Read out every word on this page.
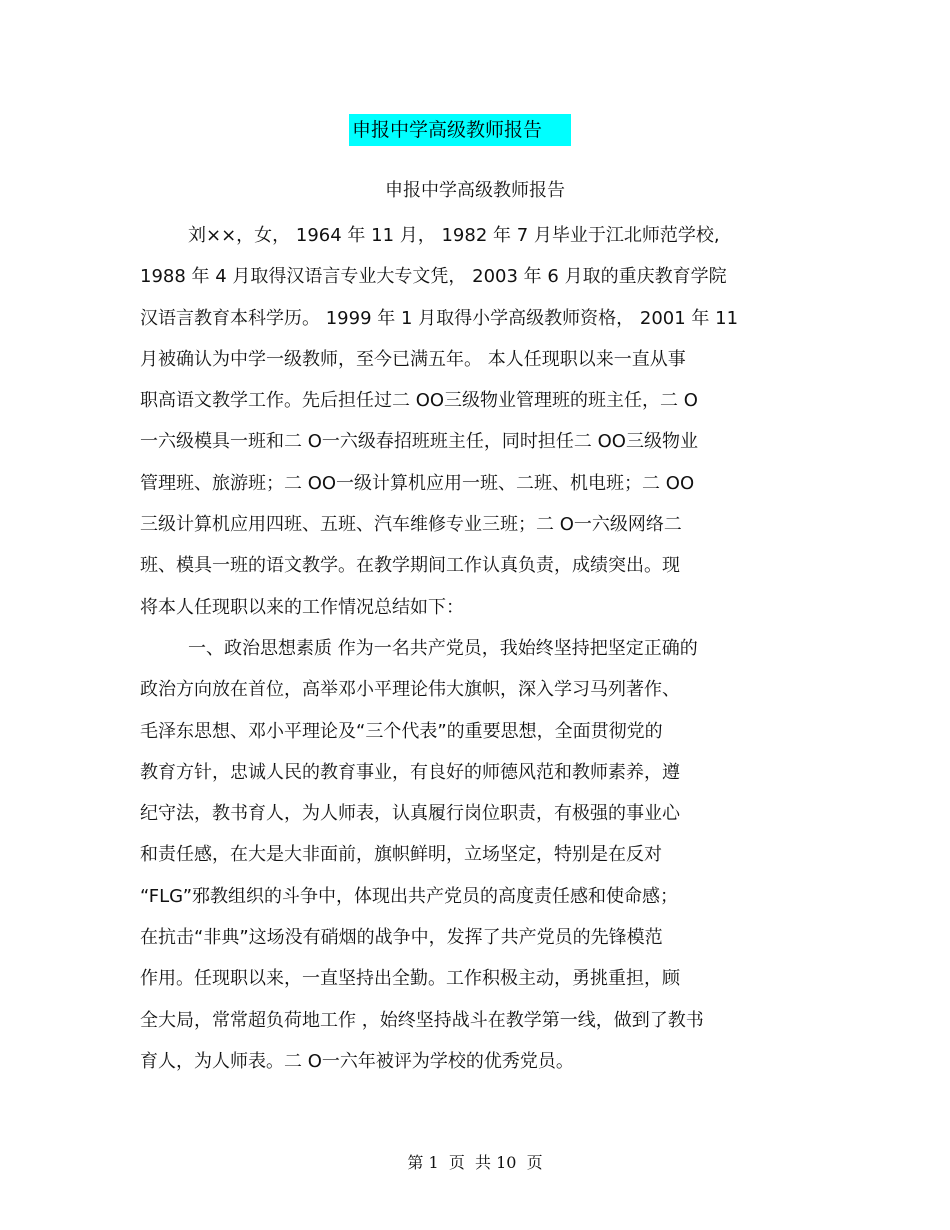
申报中学高级教师报告
申报中学高级教师报告
刘××，女， 1964 年 11 月， 1982 年 7 月毕业于江北师范学校,
1988 年 4 月取得汉语言专业大专文凭， 2003 年 6 月取的重庆教育学院
汉语言教育本科学历。 1999 年 1 月取得小学高级教师资格， 2001 年 11
月被确认为中学一级教师，至今已满五年。 本人任现职以来一直从事
职高语文教学工作。先后担任过二 OO三级物业管理班的班主任，二 O
一六级模具一班和二 O一六级春招班班主任，同时担任二 OO三级物业
管理班、旅游班；二 OO一级计算机应用一班、二班、机电班；二 OO
三级计算机应用四班、五班、汽车维修专业三班；二 O一六级网络二
班、模具一班的语文教学。在教学期间工作认真负责，成绩突出。现
将本人任现职以来的工作情况总结如下：
一、政治思想素质 作为一名共产党员，我始终坚持把坚定正确的
政治方向放在首位，高举邓小平理论伟大旗帜，深入学习马列著作、
毛泽东思想、邓小平理论及“三个代表”的重要思想，全面贯彻党的
教育方针，忠诚人民的教育事业，有良好的师德风范和教师素养，遵
纪守法，教书育人，为人师表，认真履行岗位职责，有极强的事业心
和责任感，在大是大非面前，旗帜鲜明，立场坚定，特别是在反对
“FLG”邪教组织的斗争中，体现出共产党员的高度责任感和使命感；
在抗击“非典”这场没有硝烟的战争中，发挥了共产党员的先锋模范
作用。任现职以来，一直坚持出全勤。工作积极主动，勇挑重担，顾
全大局，常常超负荷地工作 ，始终坚持战斗在教学第一线，做到了教书
育人，为人师表。二 O一六年被评为学校的优秀党员。
第 1  页  共 10  页
